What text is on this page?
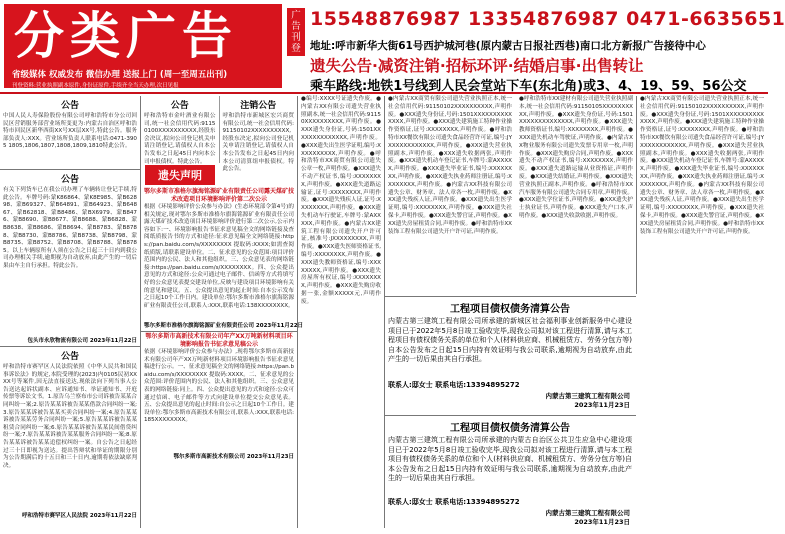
分类广告
省级媒体 权威发布 微信办理 送报上门 (周一至周五出刊)
刊登资料:营业执照副本原件,身份证原件,手续齐全当天办理,次日见报
广告刊登
15548876987 13354876987 0471-6635651
地址:呼市新华大街61号西护城河巷(原内蒙古日报社西巷)南口北方新报广告接待中心
遗失公告·减资注销·招标环评·结婚启事·出售转让
乘车路线:地铁1号线到人民会堂站下车(东北角)或3、4、19、59、56公交
公告
中国人民人寿保险股份有限公司呼和浩特市分公司回民区营销服务部营业场所变更为:内蒙古自治区呼和浩特市回民区新华西街XX号XX层XX号,特此公告。服务部负责人:XXX。营业场所负责人联系电话:0471-3905 1805,1806,1807,1808,1809,1810特此公告。
公告
有关下列货车已在我公司办理了车辆转让登记手续,特此公告。车牌号码:蒙K86864、蒙K8E985、蒙B62898、蒙B69327、蒙B64891、蒙B64923、蒙B64867、蒙B62818、蒙B8486、蒙BX6979、蒙B8476、蒙B8690、蒙B8677、蒙B8688、蒙B6828、蒙B8638、蒙B8686、蒙B8694、蒙B8783、蒙B8788、蒙B8730、蒙B8786、蒙B8738、蒙B8798、蒙B8735、蒙B8752、蒙B8708、蒙B8788、蒙B8785。以上车辆原所有人须在公告之日起三十日内到我公司办理相关手续,逾期视为自动放弃,由此产生的一切后果由车主自行承担。特此公告。
包头市永欣物流有限公司 2023年11月22日
公告
呼和浩特市赛罕区人民法院依照《中华人民共和国民事诉讼法》的规定,本院受理的(2023)内0105民初XXXX号等案件,因无法直接送达,现依法向下列当事人公告送达起诉状副本、应诉通知书、举证通知书、开庭传票等诉讼文书。1.原告乌兰察布市公司诉被告某某合同纠纷一案;2.原告某某诉被告某某借款合同纠纷一案;3.原告某某诉被告某某买卖合同纠纷一案;4.原告某某诉被告某某劳务合同纠纷一案;5.原告某某诉被告某某租赁合同纠纷一案;6.原告某某诉被告某某民间借贷纠纷一案;7.原告某某诉被告某某服务合同纠纷一案;8.原告某某诉被告某某追偿权纠纷一案。自公告之日起经过三十日即视为送达。提出答辩状和举证的期限分别为公告期满后的十五日和三十日内,逾期将依法缺席判决。
呼和浩特市赛罕区人民法院 2023年11月22日
公告
呼和浩特市金叶酒业有限公司,统一社会信用代码:91150100XXXXXXXXXX,经股东会决议,拟向公司登记机关申请注销登记,请债权人自本公告发布之日起45日内向本公司申报债权。特此公告。
注销公告
呼和浩特市新城区宏兴商贸有限公司,统一社会信用代码:91150102XXXXXXXXXX,经股东决定,拟向公司登记机关申请注销登记,请债权人自本公告发布之日起45日内向本公司清算组申报债权。特此公告。
遗失声明
鄂尔多斯市准格尔旗海铭源矿业有限责任公司露天煤矿技术改造项目环境影响评价第二次公示
根据《环境影响评价公众参与办法》(生态环境部令第4号)的相关规定,现对鄂尔多斯市准格尔旗海铭源矿业有限责任公司露天煤矿技术改造项目环境影响评价进行第二次公示,公示内容如下:一、环境影响报告书征求意见稿全文的网络链接及查阅纸质报告书的方式和途径:征求意见稿全文网络链接:https://pan.baidu.com/s/XXXXXXXX 提取码:XXXX;如需查阅纸质版,请联系建设单位。二、征求意见的公众范围:项目评价范围内的公民、法人和其他组织。三、公众意见表的网络链接:https://pan.baidu.com/s/XXXXXXXX。四、公众提出意见的方式和途径:公众可通过电子邮件、信函等方式将填写好的公众意见表提交建设单位,反映与建设项目环境影响有关的意见和建议。五、公众提出意见的起止时间:自本公示发布之日起10个工作日内。建设单位:鄂尔多斯市准格尔旗海铭源矿业有限责任公司,联系人:XXX,联系电话:138XXXXXXXX。
鄂尔多斯市准格尔旗海铭源矿业有限责任公司 2023年11月22日
鄂尔多斯市高新技术有限公司年产XX万吨新材料项目环境影响报告书征求意见稿公示
依据《环境影响评价公众参与办法》,现将鄂尔多斯市高新技术有限公司年产XX万吨新材料项目环境影响报告书征求意见稿进行公示。一、征求意见稿全文的网络链接:https://pan.baidu.com/s/XXXXXXXX 提取码:XXXX。二、征求意见的公众范围:评价范围内的公民、法人和其他组织。三、公众意见表的网络链接:同上。四、公众提出意见的方式和途径:公众可通过信函、电子邮件等方式向建设单位提交公众意见表。五、公众提出意见的起止时间:自公示之日起10个工作日。建设单位:鄂尔多斯市高新技术有限公司,联系人:XXX,联系电话:185XXXXXXXX。
鄂尔多斯市高新技术有限公司 2023年11月23日
●编号:XXXX号证遗失作废。●内蒙古XX有限公司遗失营业执照副本,统一社会信用代码:91150XXXXXXXXXX,声明作废。●XXX遗失身份证,号码:1501XXXXXXXXXXXXXX,声明作废。●XXX遗失出生医学证明,编号:XXXXXXXXXX,声明作废。●呼和浩特市XX商贸有限公司遗失公章一枚,声明作废。●XXX遗失不动产权证书,编号:XXXXXXXX,声明作废。●XXX遗失道路运输证,证号:XXXXXXXX,声明作废。●XXX遗失残疾人证,证号:XXXXXXXX,声明作废。●XXX遗失机动车行驶证,车牌号:蒙AXXXXX,声明作废。●内蒙古XX建筑工程有限公司遗失开户许可证,核准号:JXXXXXXXXX,声明作废。●XXX遗失医师资格证书,编号:XXXXXXXX,声明作废。●XXX遗失教师资格证,编号:XXXXXXXX,声明作废。●XXX遗失房屋所有权证,编号:XXXXXXXX,声明作废。●XXX遗失购房收据一张,金额XXXXX元,声明作废。
●内蒙古XX商贸有限公司遗失营业执照正本,统一社会信用代码:91150102XXXXXXXXXX,声明作废。●XXX遗失身份证,号码:1501XXXXXXXXXXXXXX,声明作废。●XXX遗失建筑施工特种作业操作资格证,证号:XXXXXXXX,声明作废。●呼和浩特市XX餐饮有限公司遗失食品经营许可证,编号:JYXXXXXXXXXXXX,声明作废。●XXX遗失营业执照副本,声明作废。●XXX遗失收据两张,声明作废。●XXX遗失机动车登记证书,车牌号:蒙AXXXXX,声明作废。●XXX遗失毕业证书,编号:XXXXXXXX,声明作废。●XXX遗失执业药师注册证,编号:XXXXXXXX,声明作废。●内蒙古XX科技有限公司遗失公章、财务章、法人章各一枚,声明作废。●XXX遗失残疾人证,声明作废。●XXX遗失出生医学证明,编号:XXXXXXXX,声明作废。●XXX遗失社保卡,声明作废。●XXX遗失警官证,声明作废。●XXX遗失房屋租赁合同,声明作废。●呼和浩特市XX装饰工程有限公司遗失开户许可证,声明作废。
工程项目债权债务清算公告
内蒙古第三建筑工程有限公司所承建的新城区社会福利事业创新服务中心建设项目已于2022年5月8日竣工验收完毕,现我公司拟对该工程进行清算,请与本工程项目有债权债务关系的单位和个人(材料供应商、机械租赁方、劳务分包方等)自本公告发布之日起15日内持有效证明与我公司联系,逾期视为自动放弃,由此产生的一切后果由其自行承担。
联系人:邸女士 联系电话:13394895272
内蒙古第三建筑工程有限公司
2023年11月23日
工程项目债权债务清算公告
内蒙古第三建筑工程有限公司所承建的内蒙古自治区公共卫生应急中心建设项目已于2022年5月8日竣工验收完毕,现我公司拟对该工程进行清算,请与本工程项目有债权债务关系的单位和个人(材料供应商、机械租赁方、劳务分包方等)自本公告发布之日起15日内持有效证明与我公司联系,逾期视为自动放弃,由此产生的一切后果由其自行承担。
联系人:邸女士 联系电话:13394895272
内蒙古第三建筑工程有限公司
2023年11月23日
●呼和浩特市XX建材有限公司遗失营业执照副本,统一社会信用代码:91150105XXXXXXXXXX,声明作废。●XXX遗失身份证,号码:1501XXXXXXXXXXXXXX,声明作废。●XXX遗失教师资格证书,编号:XXXXXXXX,声明作废。●XXX遗失机动车驾驶证,声明作废。●内蒙古XX物业服务有限公司遗失发票专用章一枚,声明作废。●XXX遗失购房合同,声明作废。●XXX遗失不动产权证书,编号:XXXXXXXX,声明作废。●XXX遗失道路运输从业资格证,声明作废。●XXX遗失结婚证,声明作废。●XXX遗失营业执照正副本,声明作废。●呼和浩特市XX汽车服务有限公司遗失合同专用章,声明作废。●XXX遗失学位证书,声明作废。●XXX遗失护士执业证书,声明作废。●XXX遗失户口本,声明作废。●XXX遗失收款收据,声明作废。
●内蒙古XX商贸有限公司遗失营业执照正本,统一社会信用代码:91150102XXXXXXXXXX,声明作废。●XXX遗失身份证,号码:1501XXXXXXXXXXXXXX,声明作废。●XXX遗失建筑施工特种作业操作资格证,证号:XXXXXXXX,声明作废。●呼和浩特市XX餐饮有限公司遗失食品经营许可证,编号:JYXXXXXXXXXXXX,声明作废。●XXX遗失营业执照副本,声明作废。●XXX遗失收据两张,声明作废。●XXX遗失机动车登记证书,车牌号:蒙AXXXXX,声明作废。●XXX遗失毕业证书,编号:XXXXXXXX,声明作废。●XXX遗失执业药师注册证,编号:XXXXXXXX,声明作废。●内蒙古XX科技有限公司遗失公章、财务章、法人章各一枚,声明作废。●XXX遗失残疾人证,声明作废。●XXX遗失出生医学证明,编号:XXXXXXXX,声明作废。●XXX遗失社保卡,声明作废。●XXX遗失警官证,声明作废。●XXX遗失房屋租赁合同,声明作废。●呼和浩特市XX装饰工程有限公司遗失开户许可证,声明作废。
